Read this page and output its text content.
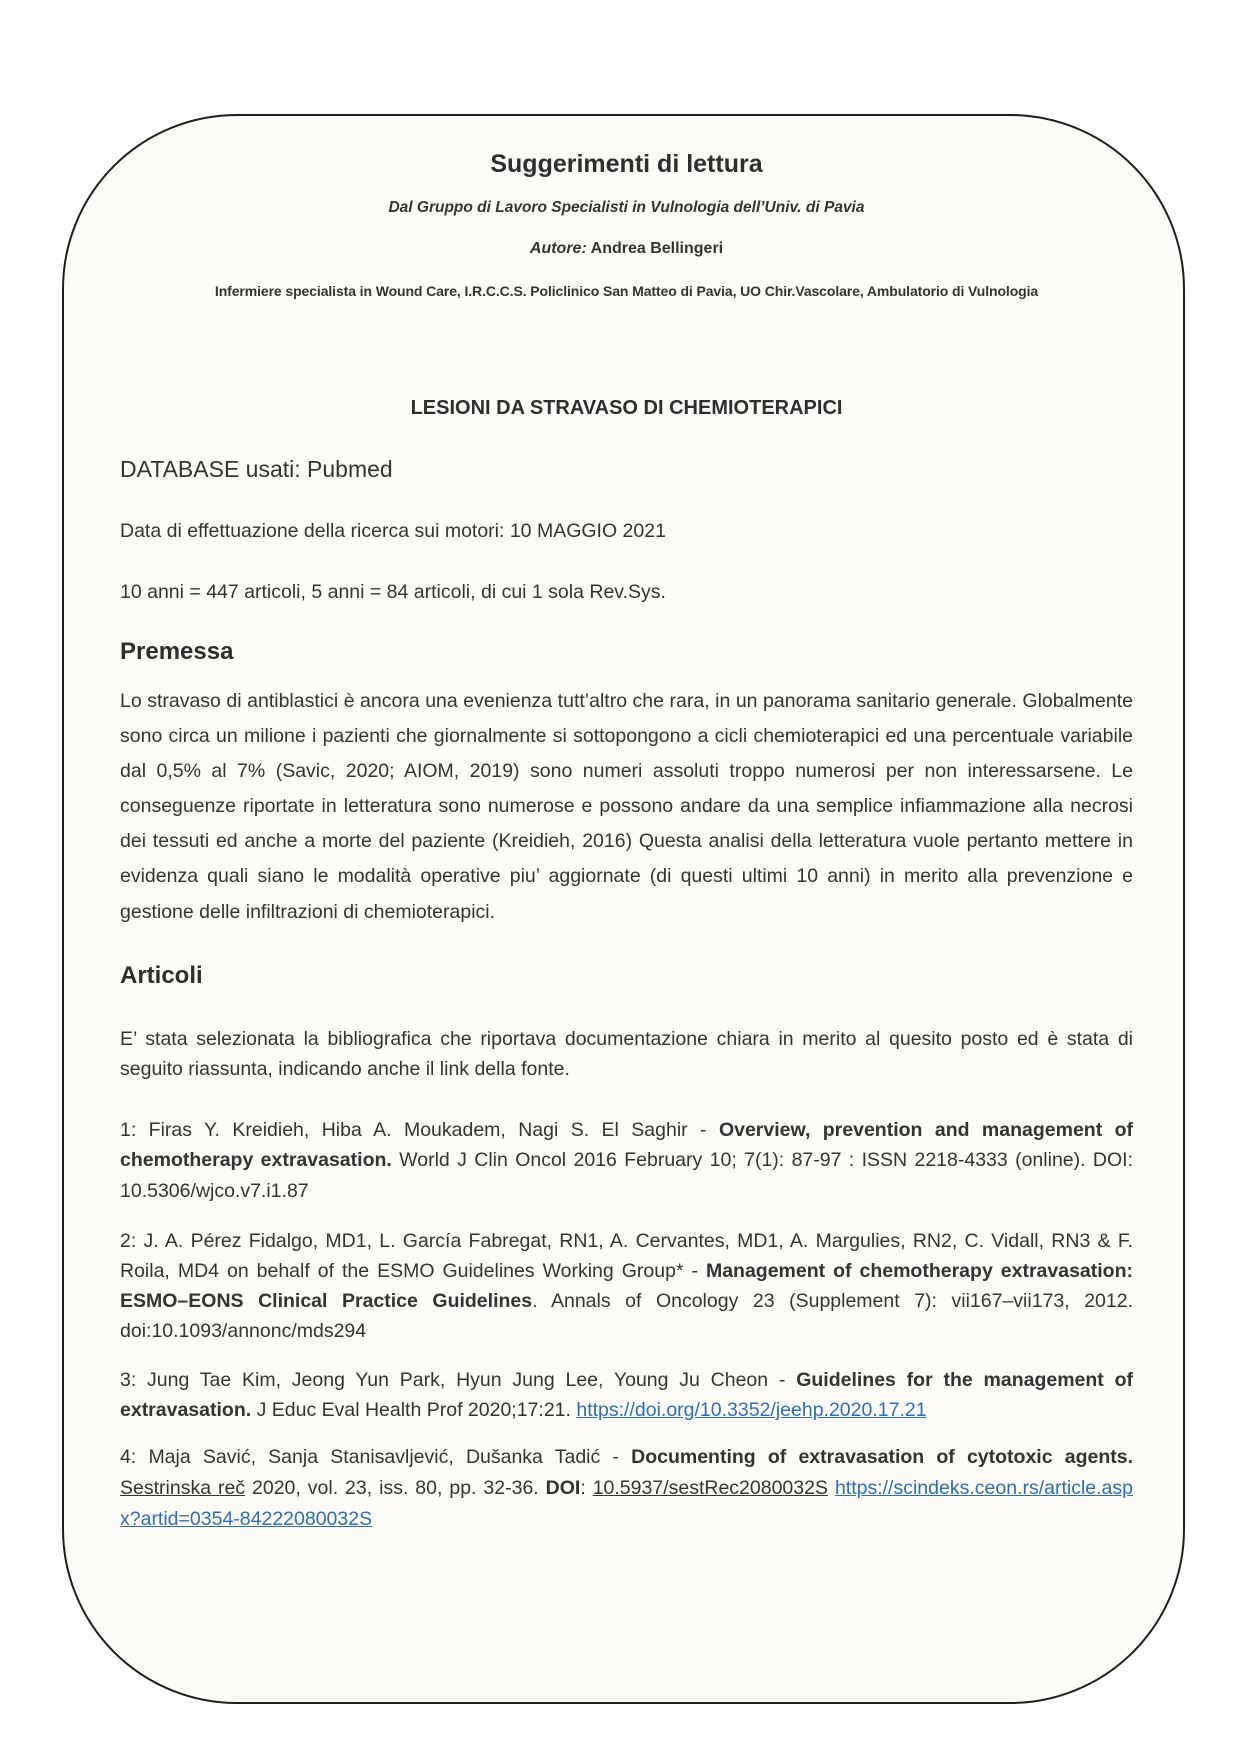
Suggerimenti di lettura
Dal Gruppo di Lavoro Specialisti in Vulnologia dell’Univ. di Pavia
Autore: Andrea Bellingeri
Infermiere specialista in Wound Care, I.R.C.C.S. Policlinico San Matteo di Pavia, UO Chir.Vascolare, Ambulatorio di Vulnologia
LESIONI DA STRAVASO DI CHEMIOTERAPICI
DATABASE usati: Pubmed
Data di effettuazione della ricerca sui motori: 10 MAGGIO 2021
10 anni = 447 articoli, 5 anni = 84 articoli, di cui 1 sola Rev.Sys.
Premessa

Lo stravaso di antiblastici è ancora una evenienza tutt’altro che rara, in un panorama sanitario generale. Globalmente sono circa un milione i pazienti che giornalmente si sottopongono a cicli chemioterapici ed una percentuale variabile dal 0,5% al 7% (Savic, 2020; AIOM, 2019) sono numeri assoluti troppo numerosi per non interessarsene. Le conseguenze riportate in letteratura sono numerose e possono andare da una semplice infiammazione alla necrosi dei tessuti ed anche a morte del paziente (Kreidieh, 2016) Questa analisi della letteratura vuole pertanto mettere in evidenza quali siano le modalità operative piu’ aggiornate (di questi ultimi 10 anni) in merito alla prevenzione e gestione delle infiltrazioni di chemioterapici.

Articoli

E’ stata selezionata la bibliografica che riportava documentazione chiara in merito al quesito posto ed è stata di seguito riassunta, indicando anche il link della fonte.

1: Firas Y. Kreidieh, Hiba A. Moukadem, Nagi S. El Saghir - Overview, prevention and management of chemotherapy extravasation. World J Clin Oncol 2016 February 10; 7(1): 87-97 : ISSN 2218-4333 (online). DOI: 10.5306/wjco.v7.i1.87

2: J. A. Pérez Fidalgo, MD1, L. García Fabregat, RN1, A. Cervantes, MD1, A. Margulies, RN2, C. Vidall, RN3 & F. Roila, MD4 on behalf of the ESMO Guidelines Working Group* - Management of chemotherapy extravasation: ESMO–EONS Clinical Practice Guidelines. Annals of Oncology 23 (Supplement 7): vii167–vii173, 2012. doi:10.1093/annonc/mds294

3: Jung Tae Kim, Jeong Yun Park, Hyun Jung Lee, Young Ju Cheon - Guidelines for the management of extravasation. J Educ Eval Health Prof 2020;17:21. https://doi.org/10.3352/jeehp.2020.17.21

4: Maja Savić, Sanja Stanisavljević, Dušanka Tadić - Documenting of extravasation of cytotoxic agents. Sestrinska reč 2020, vol. 23, iss. 80, pp. 32-36. DOI: 10.5937/sestRec2080032S https://scindeks.ceon.rs/article.aspx?artid=0354-84222080032S
